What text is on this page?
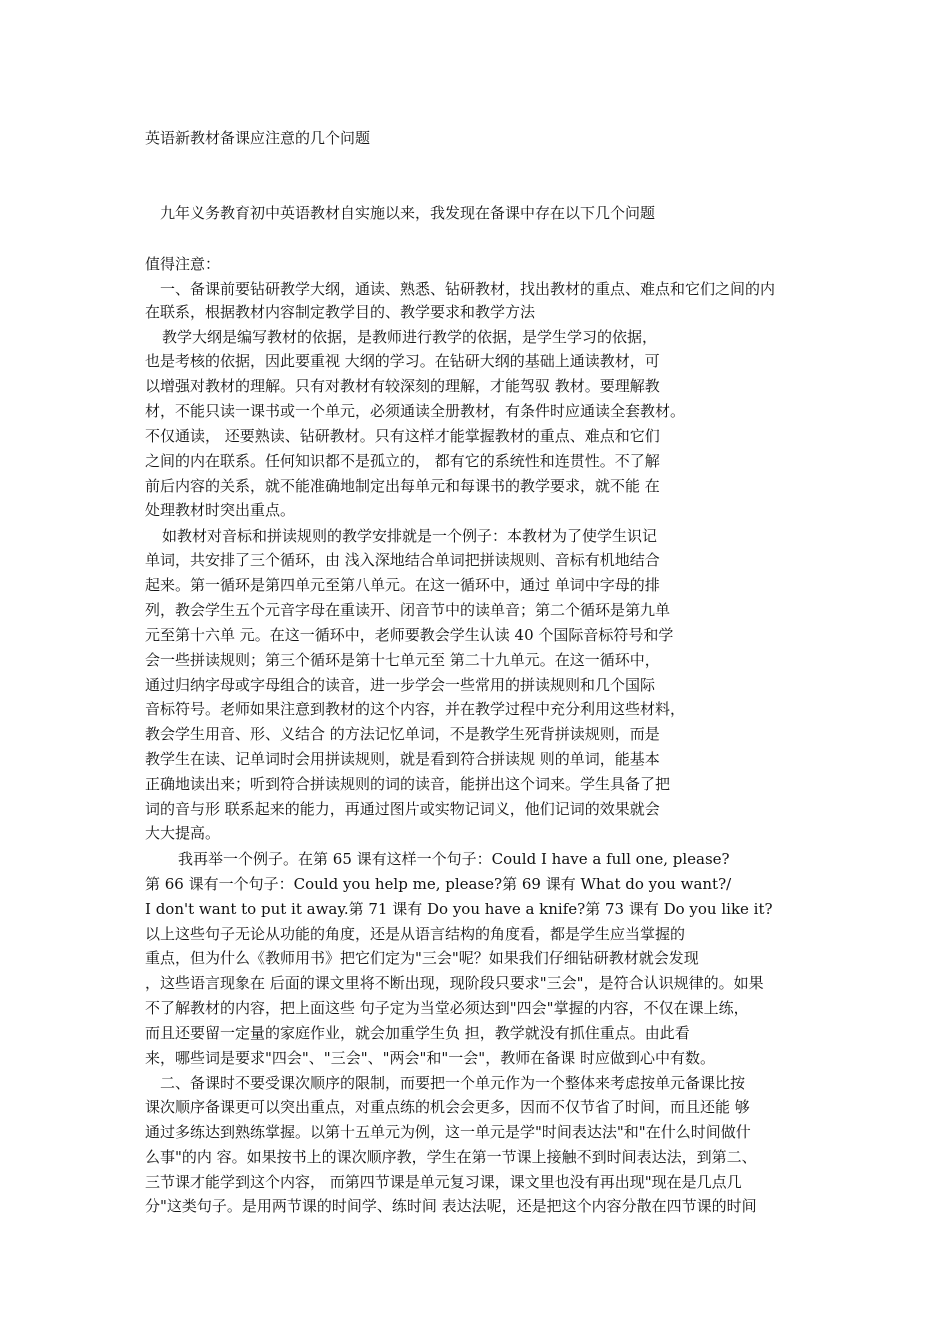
英语新教材备课应注意的几个问题
九年义务教育初中英语教材自实施以来，我发现在备课中存在以下几个问题
值得注意：
一、备课前要钻研教学大纲，通读、熟悉、钻研教材，找出教材的重点、难点和它们之间的内
在联系，根据教材内容制定教学目的、教学要求和教学方法
教学大纲是编写教材的依据，是教师进行教学的依据，是学生学习的依据，
也是考核的依据，因此要重视 大纲的学习。在钻研大纲的基础上通读教材，可
以增强对教材的理解。只有对教材有较深刻的理解，才能驾驭 教材。要理解教
材，不能只读一课书或一个单元，必须通读全册教材，有条件时应通读全套教材。
不仅通读， 还要熟读、钻研教材。只有这样才能掌握教材的重点、难点和它们
之间的内在联系。任何知识都不是孤立的， 都有它的系统性和连贯性。不了解
前后内容的关系，就不能准确地制定出每单元和每课书的教学要求，就不能 在
处理教材时突出重点。
如教材对音标和拼读规则的教学安排就是一个例子：本教材为了使学生识记
单词，共安排了三个循环，由 浅入深地结合单词把拼读规则、音标有机地结合
起来。第一循环是第四单元至第八单元。在这一循环中，通过 单词中字母的排
列，教会学生五个元音字母在重读开、闭音节中的读单音；第二个循环是第九单
元至第十六单 元。在这一循环中，老师要教会学生认读 40 个国际音标符号和学
会一些拼读规则；第三个循环是第十七单元至 第二十九单元。在这一循环中，
通过归纳字母或字母组合的读音，进一步学会一些常用的拼读规则和几个国际
音标符号。老师如果注意到教材的这个内容，并在教学过程中充分利用这些材料，
教会学生用音、形、义结合 的方法记忆单词，不是教学生死背拼读规则，而是
教学生在读、记单词时会用拼读规则，就是看到符合拼读规 则的单词，能基本
正确地读出来；听到符合拼读规则的词的读音，能拼出这个词来。学生具备了把
词的音与形 联系起来的能力，再通过图片或实物记词义，他们记词的效果就会
大大提高。
我再举一个例子。在第 65 课有这样一个句子：Could I have a full one, please?
第 66 课有一个句子：Could you help me, please?第 69 课有 What do you want?/
I don't want to put it away.第 71 课有 Do you have a knife?第 73 课有 Do you like it?
以上这些句子无论从功能的角度，还是从语言结构的角度看，都是学生应当掌握的
重点，但为什么《教师用书》把它们定为"三会"呢？如果我们仔细钻研教材就会发现
，这些语言现象在 后面的课文里将不断出现，现阶段只要求"三会"，是符合认识规律的。如果
不了解教材的内容，把上面这些 句子定为当堂必须达到"四会"掌握的内容，不仅在课上练，
而且还要留一定量的家庭作业，就会加重学生负 担，教学就没有抓住重点。由此看
来，哪些词是要求"四会"、"三会"、"两会"和"一会"，教师在备课 时应做到心中有数。
二、备课时不要受课次顺序的限制，而要把一个单元作为一个整体来考虑按单元备课比按
课次顺序备课更可以突出重点，对重点练的机会会更多，因而不仅节省了时间，而且还能 够
通过多练达到熟练掌握。以第十五单元为例，这一单元是学"时间表达法"和"在什么时间做什
么事"的内 容。如果按书上的课次顺序教，学生在第一节课上接触不到时间表达法，到第二、
三节课才能学到这个内容， 而第四节课是单元复习课，课文里也没有再出现"现在是几点几
分"这类句子。是用两节课的时间学、练时间 表达法呢，还是把这个内容分散在四节课的时间
